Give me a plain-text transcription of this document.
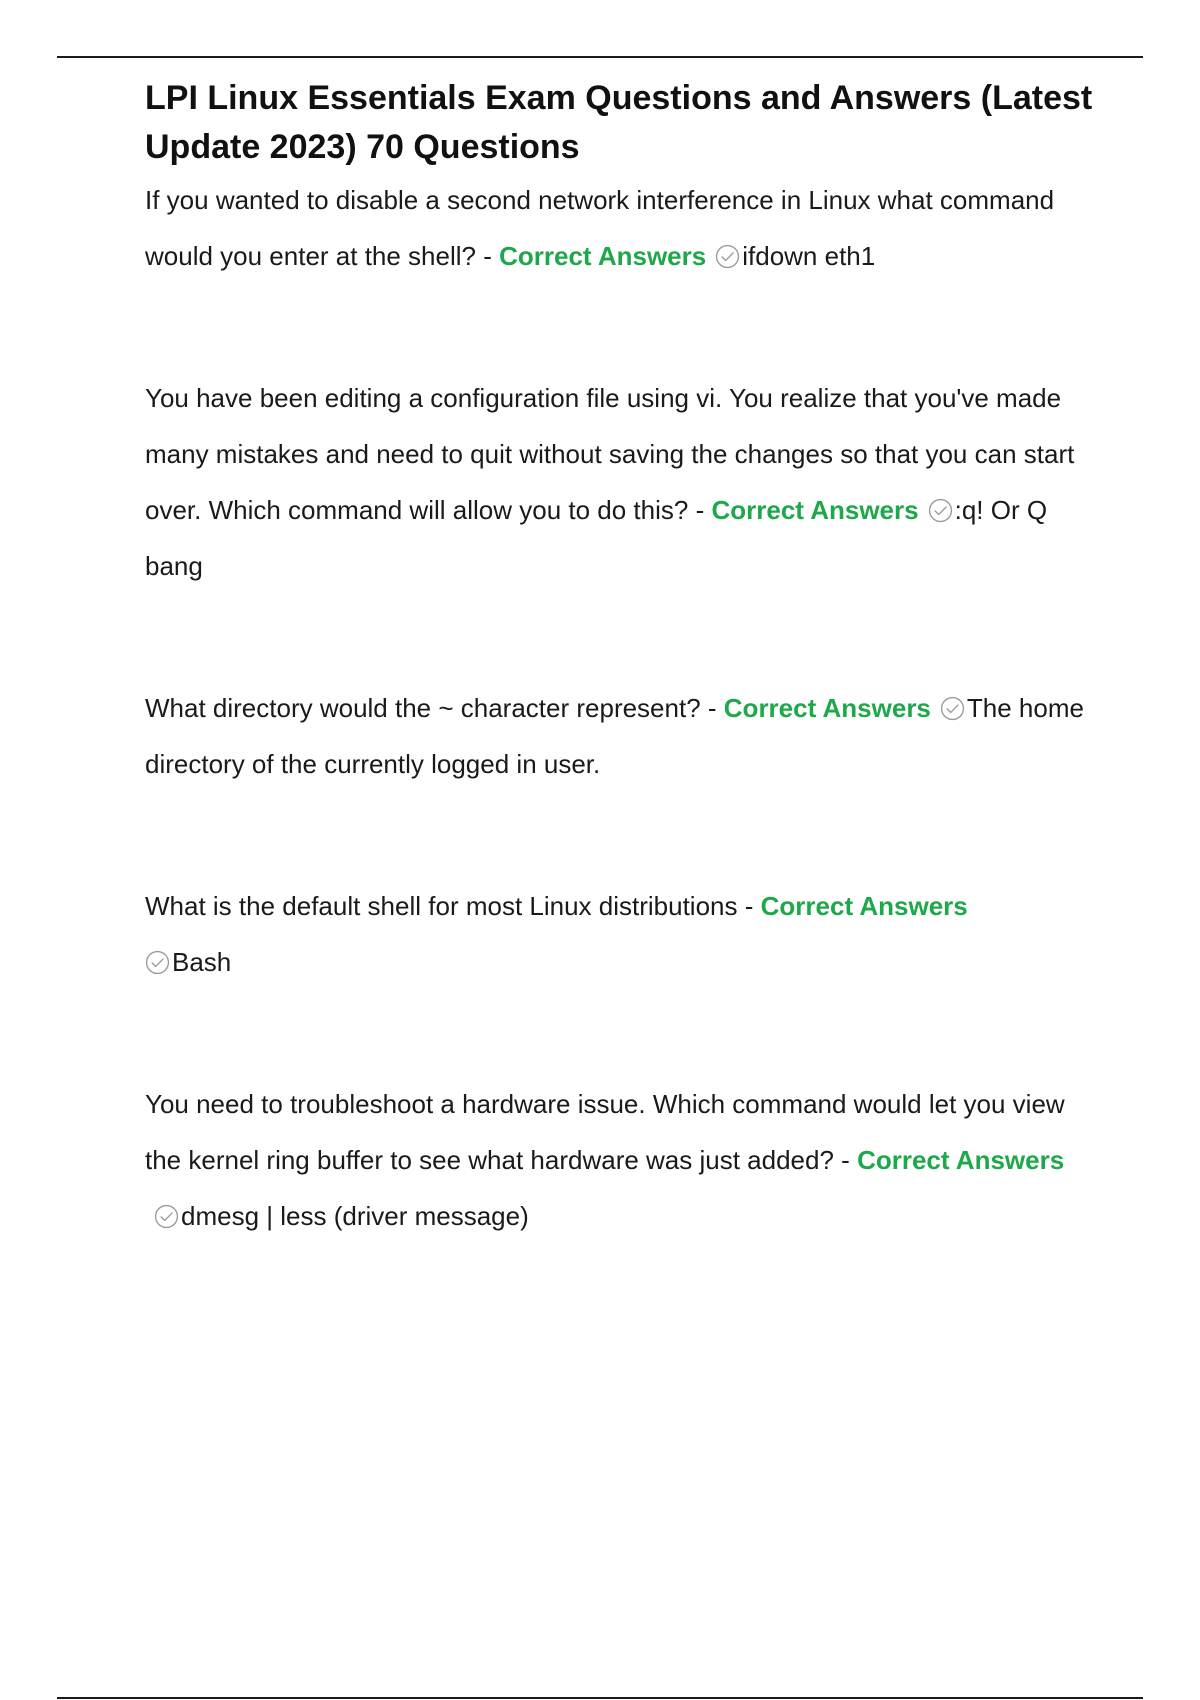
LPI Linux Essentials Exam Questions and Answers (Latest Update 2023) 70 Questions

If you wanted to disable a second network interference in Linux what command would you enter at the shell? - Correct Answers ifdown eth1

You have been editing a configuration file using vi. You realize that you've made many mistakes and need to quit without saving the changes so that you can start over. Which command will allow you to do this? - Correct Answers :q! Or Q bang

What directory would the ~ character represent? - Correct Answers The home directory of the currently logged in user.

What is the default shell for most Linux distributions - Correct Answers
Bash

You need to troubleshoot a hardware issue. Which command would let you view the kernel ring buffer to see what hardware was just added? - Correct Answersdmesg | less (driver message)
